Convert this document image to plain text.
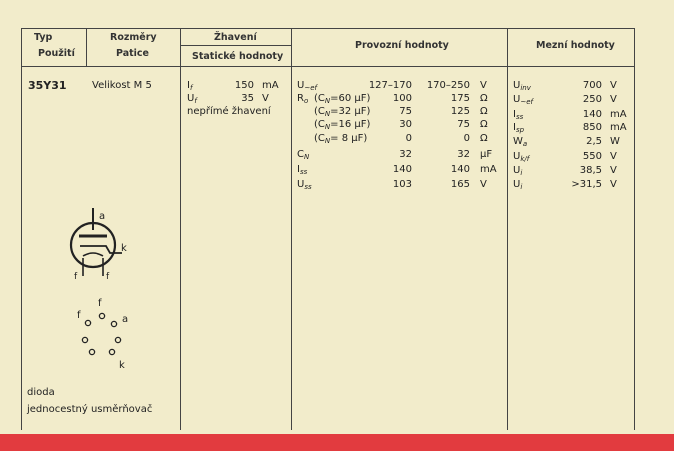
Typ
Použití
Rozměry
Patice
Žhavení
Statické hodnoty
Provozní hodnoty	Mezní hodnoty
35Y31	Velikost M 5
a
k
f	f
f
f	a
k
dioda
jednocestný usměrňovač
$I_f$	150 mA
$U_f$	35 V
nepřímé žhavení
$U_{\sim ef}$	127–170 170–250 V
$R_o$ ($C_N=60$ μF)	100	175 Ω
($C_N=32$ μF)	75	125 Ω
($C_N=16$ μF)	30	75 Ω
($C_N= 8$ μF)	0	0 Ω
$C_N$	32	32 μF
$I_{ss}$	140	140 mA
$U_{ss}$	103	165 V
$U_{inv}$	700 V
$U_{\sim ef}$	250 V
$I_{ss}$	140 mA
$I_{sp}$	850 mA
$W_a$	2,5 W
$U_{k/f}$	550 V
$U_i$	38,5 V
$U_i$	>31,5 V
